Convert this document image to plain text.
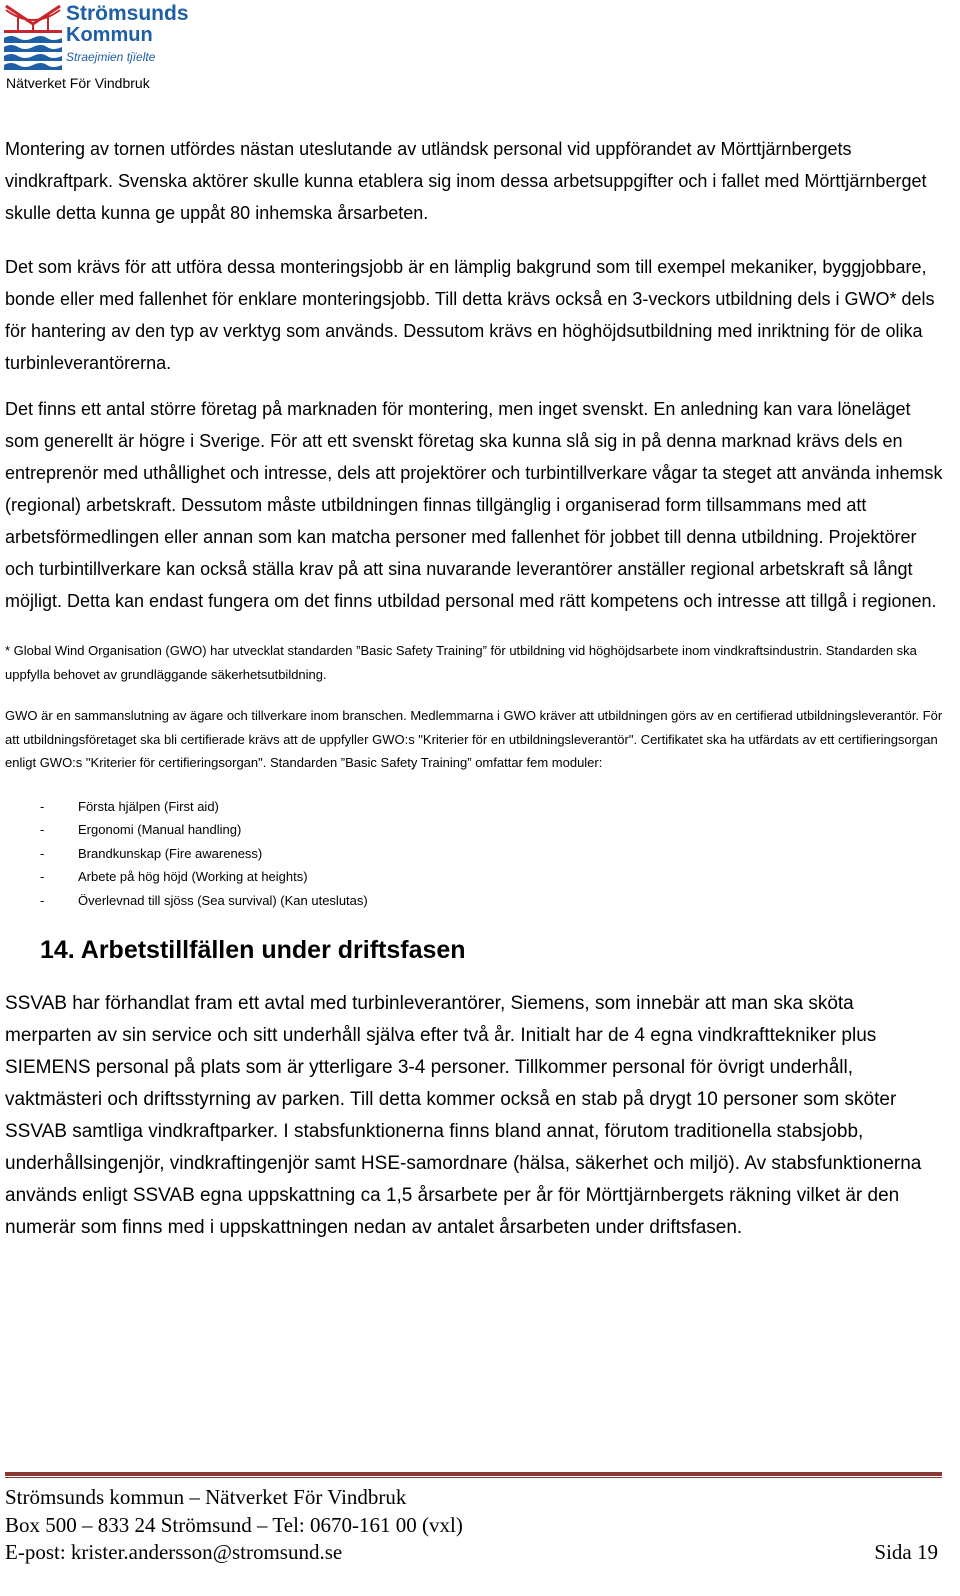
Strömsunds
Kommun
Straejmien tjïelte
Nätverket För Vindbruk

Montering av tornen utfördes nästan uteslutande av utländsk personal vid uppförandet av Mörttjärnbergets vindkraftpark. Svenska aktörer skulle kunna etablera sig inom dessa arbetsuppgifter och i fallet med Mörttjärnberget skulle detta kunna ge uppåt 80 inhemska årsarbeten.

Det som krävs för att utföra dessa monteringsjobb är en lämplig bakgrund som till exempel mekaniker, byggjobbare, bonde eller med fallenhet för enklare monteringsjobb. Till detta krävs också en 3-veckors utbildning dels i GWO* dels för hantering av den typ av verktyg som används. Dessutom krävs en höghöjdsutbildning med inriktning för de olika turbinleverantörerna.

Det finns ett antal större företag på marknaden för montering, men inget svenskt. En anledning kan vara löneläget som generellt är högre i Sverige. För att ett svenskt företag ska kunna slå sig in på denna marknad krävs dels en entreprenör med uthållighet och intresse, dels att projektörer och turbintillverkare vågar ta steget att använda inhemsk (regional) arbetskraft. Dessutom måste utbildningen finnas tillgänglig i organiserad form tillsammans med att arbetsförmedlingen eller annan som kan matcha personer med fallenhet för jobbet till denna utbildning. Projektörer och turbintillverkare kan också ställa krav på att sina nuvarande leverantörer anställer regional arbetskraft så långt möjligt. Detta kan endast fungera om det finns utbildad personal med rätt kompetens och intresse att tillgå i regionen.

* Global Wind Organisation (GWO) har utvecklat standarden ”Basic Safety Training” för utbildning vid höghöjdsarbete inom vindkraftsindustrin. Standarden ska uppfylla behovet av grundläggande säkerhetsutbildning.

GWO är en sammanslutning av ägare och tillverkare inom branschen. Medlemmarna i GWO kräver att utbildningen görs av en certifierad utbildningsleverantör. För att utbildningsföretaget ska bli certifierade krävs att de uppfyller GWO:s "Kriterier för en utbildningsleverantör". Certifikatet ska ha utfärdats av ett certifieringsorgan enligt GWO:s "Kriterier för certifieringsorgan". Standarden ”Basic Safety Training” omfattar fem moduler:

-	Första hjälpen (First aid)
-	Ergonomi (Manual handling)
-	Brandkunskap (Fire awareness)
-	Arbete på hög höjd (Working at heights)
-	Överlevnad till sjöss (Sea survival) (Kan uteslutas)
14. Arbetstillfällen under driftsfasen

SSVAB har förhandlat fram ett avtal med turbinleverantörer, Siemens, som innebär att man ska sköta merparten av sin service och sitt underhåll själva efter två år. Initialt har de 4 egna vindkrafttekniker plus SIEMENS personal på plats som är ytterligare 3-4 personer. Tillkommer personal för övrigt underhåll, vaktmästeri och driftsstyrning av parken. Till detta kommer också en stab på drygt 10 personer som sköter SSVAB samtliga vindkraftparker. I stabsfunktionerna finns bland annat, förutom traditionella stabsjobb, underhållsingenjör, vindkraftingenjör samt HSE-samordnare (hälsa, säkerhet och miljö). Av stabsfunktionerna används enligt SSVAB egna uppskattning ca 1,5 årsarbete per år för Mörttjärnbergets räkning vilket är den numerär som finns med i uppskattningen nedan av antalet årsarbeten under driftsfasen.

Strömsunds kommun – Nätverket För Vindbruk
Box 500 – 833 24 Strömsund – Tel: 0670-161 00 (vxl)
E-post: krister.andersson@stromsund.se	Sida 19
